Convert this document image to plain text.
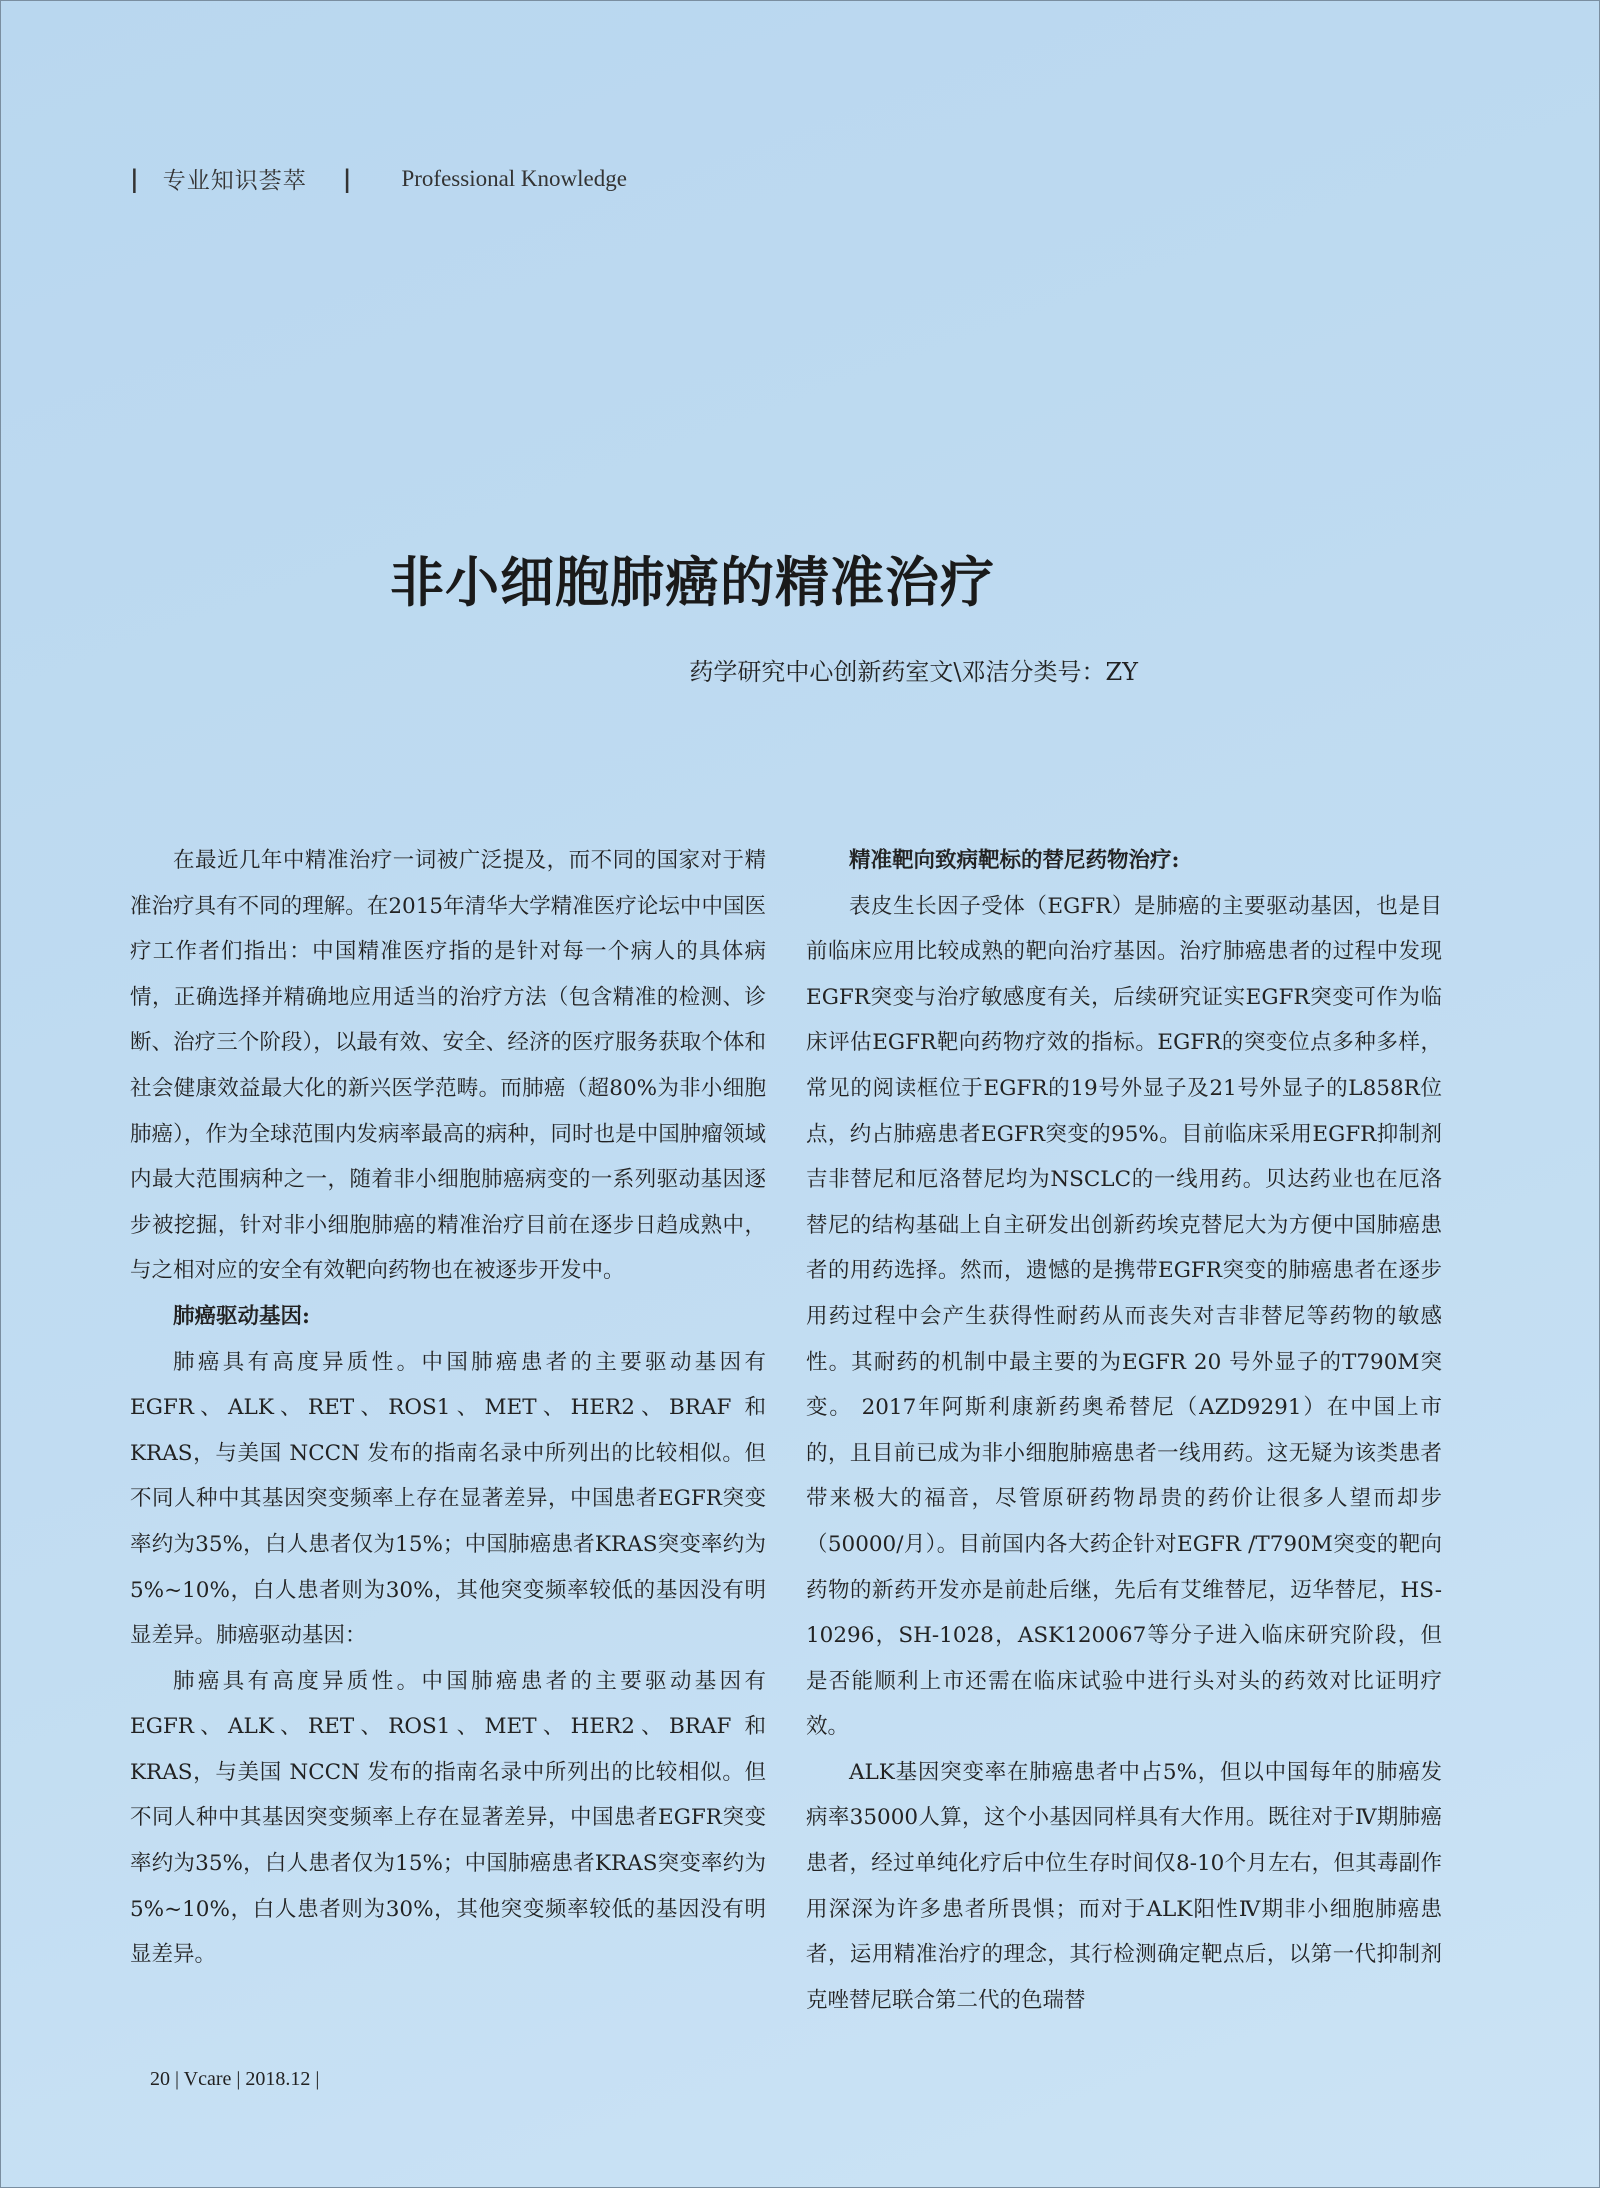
| 专业知识荟萃 | Professional Knowledge
非小细胞肺癌的精准治疗
药学研究中心创新药室文\邓洁分类号：ZY

在最近几年中精准治疗一词被广泛提及，而不同的国家对于精准治疗具有不同的理解。在2015年清华大学精准医疗论坛中中国医疗工作者们指出：中国精准医疗指的是针对每一个病人的具体病情，正确选择并精确地应用适当的治疗方法（包含精准的检测、诊断、治疗三个阶段），以最有效、安全、经济的医疗服务获取个体和社会健康效益最大化的新兴医学范畴。而肺癌（超80%为非小细胞肺癌），作为全球范围内发病率最高的病种，同时也是中国肿瘤领域内最大范围病种之一，随着非小细胞肺癌病变的一系列驱动基因逐步被挖掘，针对非小细胞肺癌的精准治疗目前在逐步日趋成熟中，与之相对应的安全有效靶向药物也在被逐步开发中。

肺癌驱动基因:

肺癌具有高度异质性。中国肺癌患者的主要驱动基因有EGFR、ALK、RET、ROS1、MET、HER2、BRAF 和 KRAS，与美国 NCCN 发布的指南名录中所列出的比较相似。但不同人种中其基因突变频率上存在显著差异，中国患者EGFR突变率约为35%，白人患者仅为15%；中国肺癌患者KRAS突变率约为5%~10%，白人患者则为30%，其他突变频率较低的基因没有明显差异。肺癌驱动基因：

肺癌具有高度异质性。中国肺癌患者的主要驱动基因有EGFR、ALK、RET、ROS1、MET、HER2、BRAF 和 KRAS，与美国 NCCN 发布的指南名录中所列出的比较相似。但不同人种中其基因突变频率上存在显著差异，中国患者EGFR突变率约为35%，白人患者仅为15%；中国肺癌患者KRAS突变率约为5%~10%，白人患者则为30%，其他突变频率较低的基因没有明显差异。

精准靶向致病靶标的替尼药物治疗:

表皮生长因子受体（EGFR）是肺癌的主要驱动基因，也是目前临床应用比较成熟的靶向治疗基因。治疗肺癌患者的过程中发现EGFR突变与治疗敏感度有关，后续研究证实EGFR突变可作为临床评估EGFR靶向药物疗效的指标。EGFR的突变位点多种多样，常见的阅读框位于EGFR的19号外显子及21号外显子的L858R位点，约占肺癌患者EGFR突变的95%。目前临床采用EGFR抑制剂吉非替尼和厄洛替尼均为NSCLC的一线用药。贝达药业也在厄洛替尼的结构基础上自主研发出创新药埃克替尼大为方便中国肺癌患者的用药选择。然而，遗憾的是携带EGFR突变的肺癌患者在逐步用药过程中会产生获得性耐药从而丧失对吉非替尼等药物的敏感性。其耐药的机制中最主要的为EGFR 20 号外显子的T790M突变。 2017年阿斯利康新药奥希替尼（AZD9291）在中国上市的，且目前已成为非小细胞肺癌患者一线用药。这无疑为该类患者带来极大的福音，尽管原研药物昂贵的药价让很多人望而却步（50000/月）。目前国内各大药企针对EGFR /T790M突变的靶向药物的新药开发亦是前赴后继，先后有艾维替尼，迈华替尼，HS-10296，SH-1028，ASK120067等分子进入临床研究阶段，但是否能顺利上市还需在临床试验中进行头对头的药效对比证明疗效。

ALK基因突变率在肺癌患者中占5%，但以中国每年的肺癌发病率35000人算，这个小基因同样具有大作用。既往对于Ⅳ期肺癌患者，经过单纯化疗后中位生存时间仅8-10个月左右，但其毒副作用深深为许多患者所畏惧；而对于ALK阳性Ⅳ期非小细胞肺癌患者，运用精准治疗的理念，其行检测确定靶点后，以第一代抑制剂克唑替尼联合第二代的色瑞替

20 | Vcare | 2018.12 |
